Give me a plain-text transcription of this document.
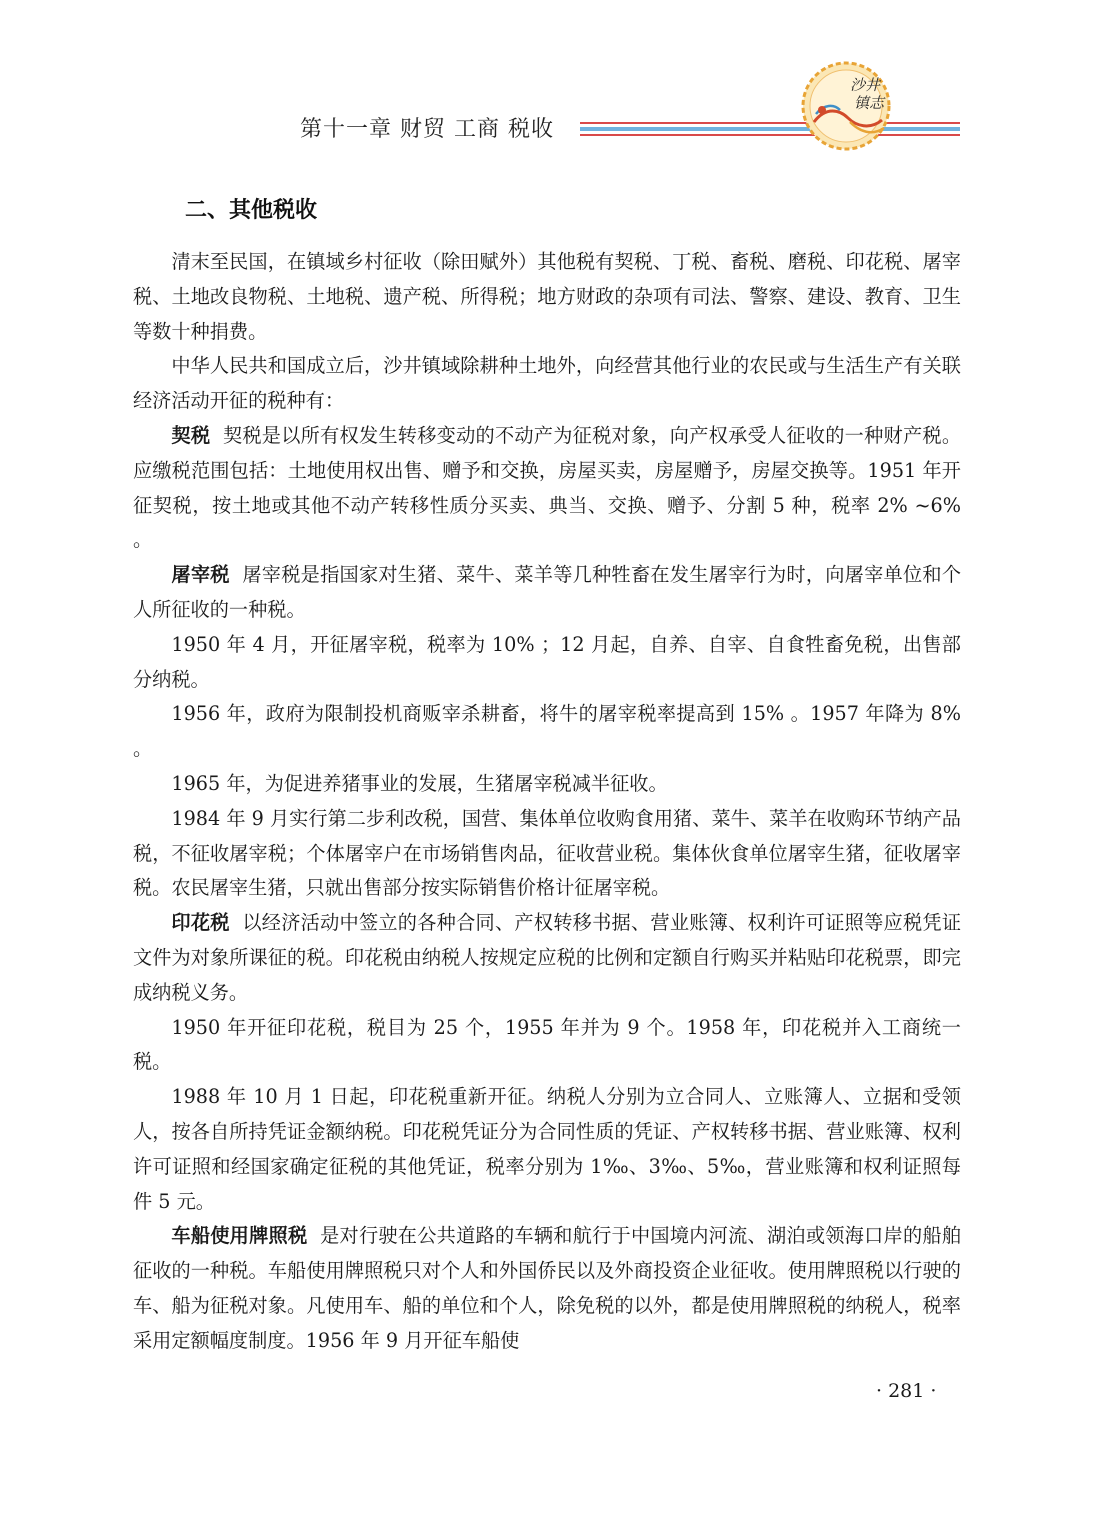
第十一章 财贸 工商 税收
沙井
镇志
二、其他税收

清末至民国，在镇域乡村征收（除田赋外）其他税有契税、丁税、畜税、磨税、印花税、屠宰税、土地改良物税、土地税、遗产税、所得税；地方财政的杂项有司法、警察、建设、教育、卫生等数十种捐费。

中华人民共和国成立后，沙井镇域除耕种土地外，向经营其他行业的农民或与生活生产有关联经济活动开征的税种有：

契税 契税是以所有权发生转移变动的不动产为征税对象，向产权承受人征收的一种财产税。应缴税范围包括：土地使用权出售、赠予和交换，房屋买卖，房屋赠予，房屋交换等。1951 年开征契税，按土地或其他不动产转移性质分买卖、典当、交换、赠予、分割 5 种，税率 2% ~6% 。

屠宰税 屠宰税是指国家对生猪、菜牛、菜羊等几种牲畜在发生屠宰行为时，向屠宰单位和个人所征收的一种税。

1950 年 4 月，开征屠宰税，税率为 10% ；12 月起，自养、自宰、自食牲畜免税，出售部分纳税。

1956 年，政府为限制投机商贩宰杀耕畜，将牛的屠宰税率提高到 15% 。1957 年降为 8% 。

1965 年，为促进养猪事业的发展，生猪屠宰税减半征收。

1984 年 9 月实行第二步利改税，国营、集体单位收购食用猪、菜牛、菜羊在收购环节纳产品税，不征收屠宰税；个体屠宰户在市场销售肉品，征收营业税。集体伙食单位屠宰生猪，征收屠宰税。农民屠宰生猪，只就出售部分按实际销售价格计征屠宰税。

印花税 以经济活动中签立的各种合同、产权转移书据、营业账簿、权利许可证照等应税凭证文件为对象所课征的税。印花税由纳税人按规定应税的比例和定额自行购买并粘贴印花税票，即完成纳税义务。

1950 年开征印花税，税目为 25 个，1955 年并为 9 个。1958 年，印花税并入工商统一税。

1988 年 10 月 1 日起，印花税重新开征。纳税人分别为立合同人、立账簿人、立据和受领人，按各自所持凭证金额纳税。印花税凭证分为合同性质的凭证、产权转移书据、营业账簿、权利许可证照和经国家确定征税的其他凭证，税率分别为 1‰、3‰、5‰，营业账簿和权利证照每件 5 元。

车船使用牌照税 是对行驶在公共道路的车辆和航行于中国境内河流、湖泊或领海口岸的船舶征收的一种税。车船使用牌照税只对个人和外国侨民以及外商投资企业征收。使用牌照税以行驶的车、船为征税对象。凡使用车、船的单位和个人，除免税的以外，都是使用牌照税的纳税人，税率采用定额幅度制度。1956 年 9 月开征车船使

· 281 ·
